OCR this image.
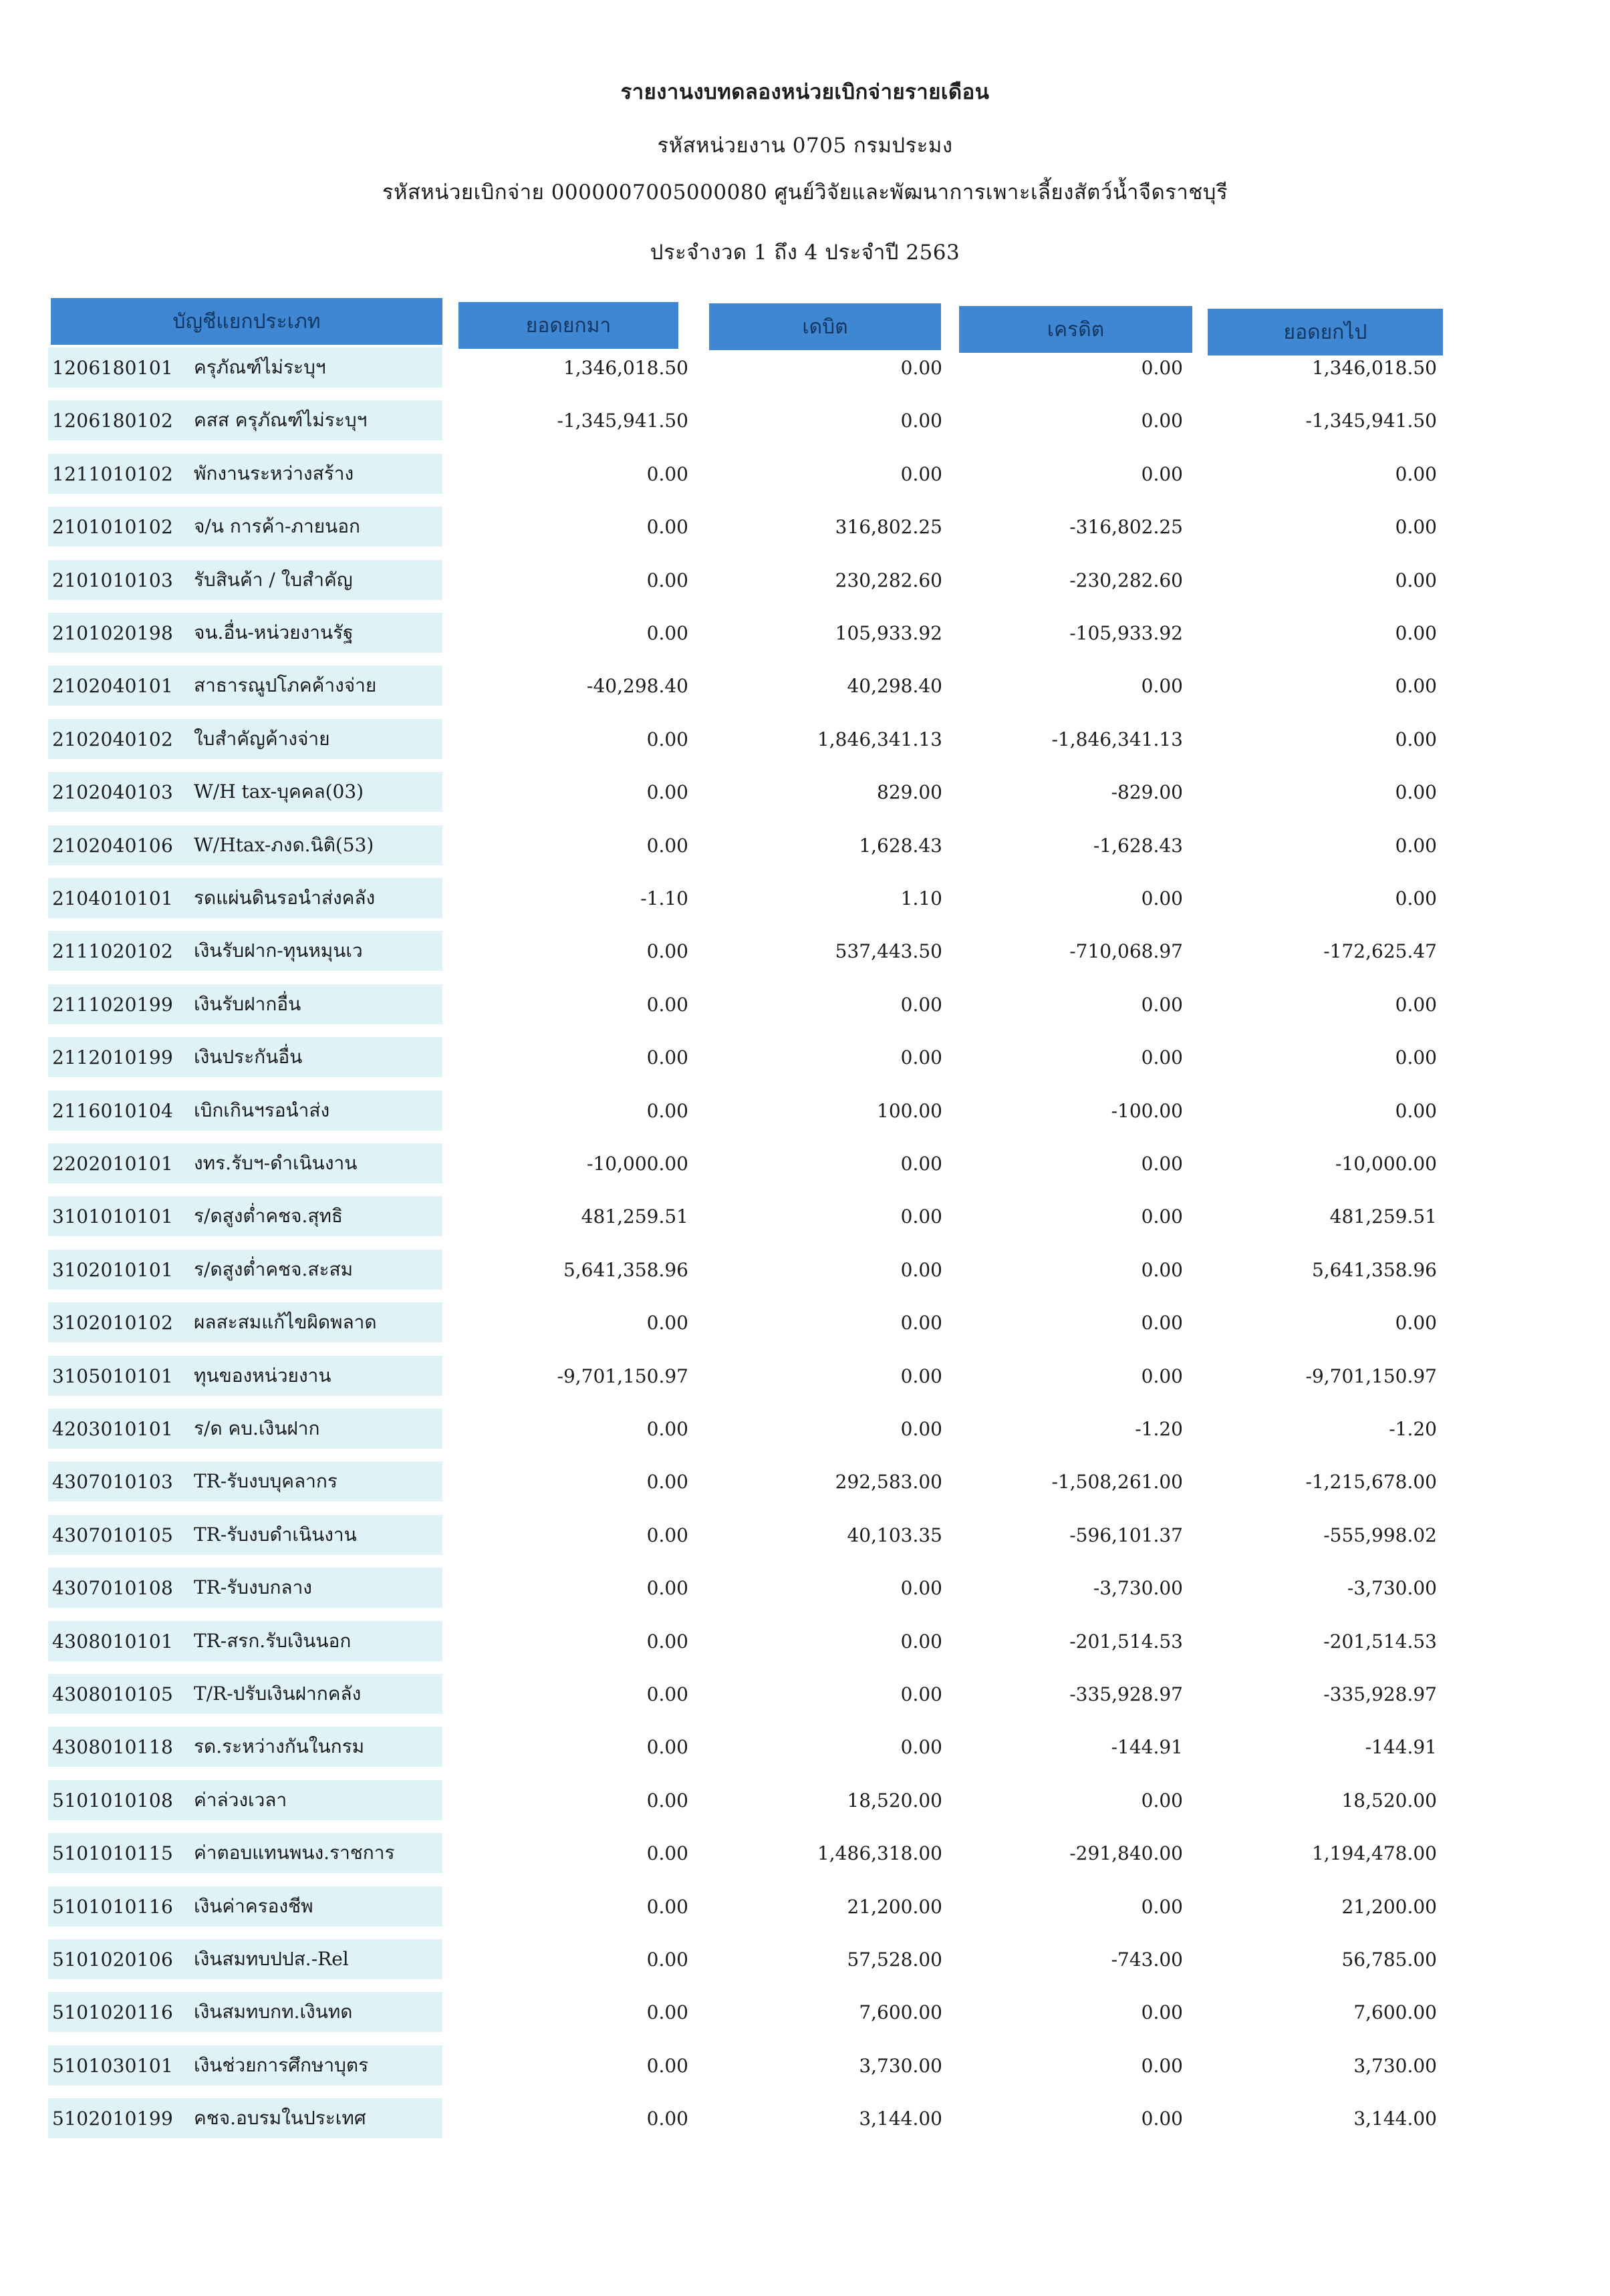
รายงานงบทดลองหน่วยเบิกจ่ายรายเดือน
รหัสหน่วยงาน 0705 กรมประมง
รหัสหน่วยเบิกจ่าย 0000007005000080 ศูนย์วิจัยและพัฒนาการเพาะเลี้ยงสัตว์น้ำจืดราชบุรี
ประจำงวด 1 ถึง 4 ประจำปี 2563
บัญชีแยกประเภท	ยอดยกมา	เดบิต	เครดิต	ยอดยกไป
1206180101	ครุภัณฑ์ไม่ระบุฯ	1,346,018.50	0.00	0.00	1,346,018.50
1206180102	คสส ครุภัณฑ์ไม่ระบุฯ	-1,345,941.50	0.00	0.00	-1,345,941.50
1211010102	พักงานระหว่างสร้าง	0.00	0.00	0.00	0.00
2101010102	จ/น การค้า-ภายนอก	0.00	316,802.25	-316,802.25	0.00
2101010103	รับสินค้า / ใบสำคัญ	0.00	230,282.60	-230,282.60	0.00
2101020198	จน.อื่น-หน่วยงานรัฐ	0.00	105,933.92	-105,933.92	0.00
2102040101	สาธารณูปโภคค้างจ่าย	-40,298.40	40,298.40	0.00	0.00
2102040102	ใบสำคัญค้างจ่าย	0.00	1,846,341.13	-1,846,341.13	0.00
2102040103	W/H tax-บุคคล(03)	0.00	829.00	-829.00	0.00
2102040106	W/Htax-ภงด.นิติ(53)	0.00	1,628.43	-1,628.43	0.00
2104010101	รดแผ่นดินรอนำส่งคลัง	-1.10	1.10	0.00	0.00
2111020102	เงินรับฝาก-ทุนหมุนเว	0.00	537,443.50	-710,068.97	-172,625.47
2111020199	เงินรับฝากอื่น	0.00	0.00	0.00	0.00
2112010199	เงินประกันอื่น	0.00	0.00	0.00	0.00
2116010104	เบิกเกินฯรอนำส่ง	0.00	100.00	-100.00	0.00
2202010101	งทร.รับฯ-ดำเนินงาน	-10,000.00	0.00	0.00	-10,000.00
3101010101	ร/ดสูงต่ำคชจ.สุทธิ	481,259.51	0.00	0.00	481,259.51
3102010101	ร/ดสูงต่ำคชจ.สะสม	5,641,358.96	0.00	0.00	5,641,358.96
3102010102	ผลสะสมแก้ไขผิดพลาด	0.00	0.00	0.00	0.00
3105010101	ทุนของหน่วยงาน	-9,701,150.97	0.00	0.00	-9,701,150.97
4203010101	ร/ด คบ.เงินฝาก	0.00	0.00	-1.20	-1.20
4307010103	TR-รับงบบุคลากร	0.00	292,583.00	-1,508,261.00	-1,215,678.00
4307010105	TR-รับงบดำเนินงาน	0.00	40,103.35	-596,101.37	-555,998.02
4307010108	TR-รับงบกลาง	0.00	0.00	-3,730.00	-3,730.00
4308010101	TR-สรก.รับเงินนอก	0.00	0.00	-201,514.53	-201,514.53
4308010105	T/R-ปรับเงินฝากคลัง	0.00	0.00	-335,928.97	-335,928.97
4308010118	รด.ระหว่างกันในกรม	0.00	0.00	-144.91	-144.91
5101010108	ค่าล่วงเวลา	0.00	18,520.00	0.00	18,520.00
5101010115	ค่าตอบแทนพนง.ราชการ	0.00	1,486,318.00	-291,840.00	1,194,478.00
5101010116	เงินค่าครองชีพ	0.00	21,200.00	0.00	21,200.00
5101020106	เงินสมทบปปส.-Rel	0.00	57,528.00	-743.00	56,785.00
5101020116	เงินสมทบกท.เงินทด	0.00	7,600.00	0.00	7,600.00
5101030101	เงินช่วยการศึกษาบุตร	0.00	3,730.00	0.00	3,730.00
5102010199	คชจ.อบรมในประเทศ	0.00	3,144.00	0.00	3,144.00
